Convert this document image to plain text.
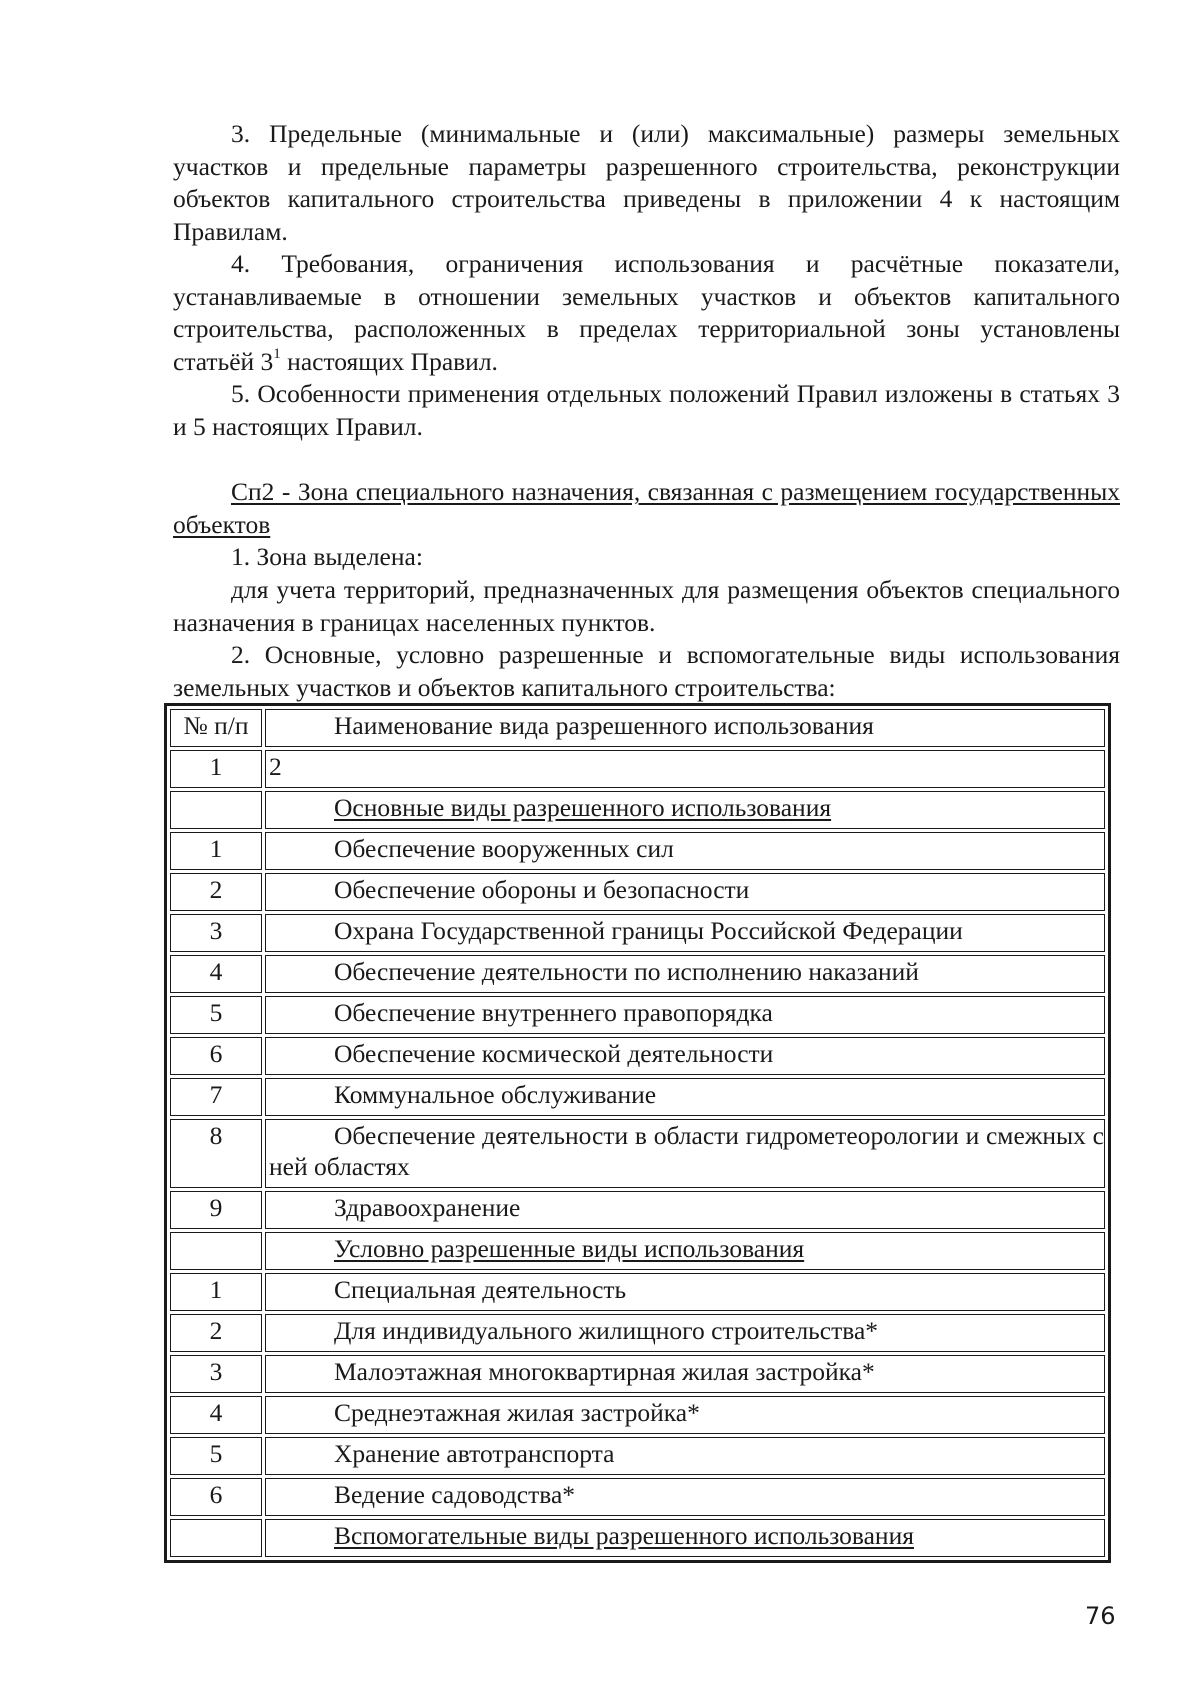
3. Предельные (минимальные и (или) максимальные) размеры земельных участков и предельные параметры разрешенного строительства, реконструкции объектов капитального строительства приведены в приложении 4 к настоящим Правилам.

4. Требования, ограничения использования и расчётные показатели, устанавливаемые в отношении земельных участков и объектов капитального строительства, расположенных в пределах территориальной зоны установлены статьёй $3^1$ настоящих Правил.

5. Особенности применения отдельных положений Правил изложены в статьях 3 и 5 настоящих Правил.

Сп2 - Зона специального назначения, связанная с размещением государственных объектов

1. Зона выделена:

для учета территорий, предназначенных для размещения объектов специального назначения в границах населенных пунктов.

2. Основные, условно разрешенные и вспомогательные виды использования земельных участков и объектов капитального строительства:

№ п/п	Наименование вида разрешенного использования
1	2
	Основные виды разрешенного использования
1	Обеспечение вооруженных сил
2	Обеспечение обороны и безопасности
3	Охрана Государственной границы Российской Федерации
4	Обеспечение деятельности по исполнению наказаний
5	Обеспечение внутреннего правопорядка
6	Обеспечение космической деятельности
7	Коммунальное обслуживание
8	Обеспечение деятельности в области гидрометеорологии и смежных с ней областях
9	Здравоохранение
	Условно разрешенные виды использования
1	Специальная деятельность
2	Для индивидуального жилищного строительства*
3	Малоэтажная многоквартирная жилая застройка*
4	Среднеэтажная жилая застройка*
5	Хранение автотранспорта
6	Ведение садоводства*
	Вспомогательные виды разрешенного использования
76
